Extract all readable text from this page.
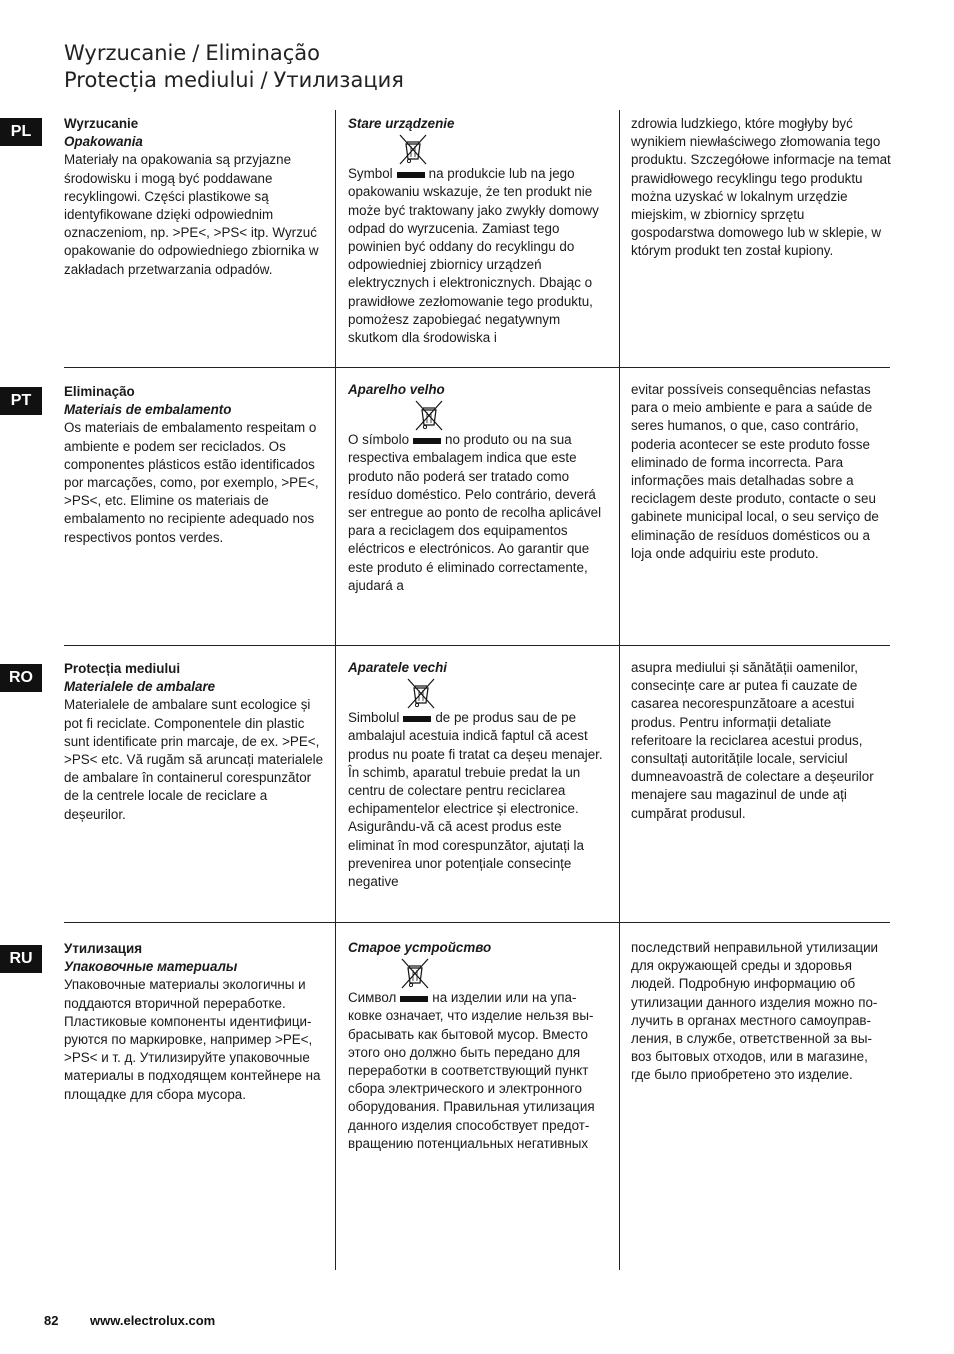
Wyrzucanie / Eliminação
Protecția mediului / Утилизация
PL	Wyrzucanie
Opakowania

Materiały na opakowania są przyjazne środowisku i mogą być poddawane recyklingowi. Części plastikowe są identyfikowane dzięki odpowiednim oznaczeniom, np. >PE<, >PS< itp. Wyrzuć opakowanie do odpowiedniego zbiornika w zakładach przetwarzania odpadów.

Stare urządzenie

Symbol	na produkcie lub na jego opakowaniu wskazuje, że ten produkt nie może być traktowany jako zwykły domowy odpad do wyrzucenia. Zamiast tego powinien być oddany do recyklingu do odpowiedniej zbiornicy urządzeń elektrycznych i elektronicznych. Dbając o prawidłowe zezłomowanie tego produktu, pomożesz zapobiegać negatywnym skutkom dla środowiska i

zdrowia ludzkiego, które mogłyby być wynikiem niewłaściwego złomowania tego produktu. Szczegółowe informacje na temat prawidłowego recyklingu tego produktu można uzyskać w lokalnym urzędzie miejskim, w zbiornicy sprzętu gospodarstwa domowego lub w sklepie, w którym produkt ten został kupiony.

PT
Eliminação
Materiais de embalamento

Os materiais de embalamento respeitam o ambiente e podem ser reciclados. Os componentes plásticos estão identificados por marcações, como, por exemplo, >PE<, >PS<, etc. Elimine os materiais de embalamento no recipiente adequado nos respectivos pontos verdes.

Aparelho velho

O símbolo	no produto ou na sua respectiva embalagem indica que este produto não poderá ser tratado como resíduo doméstico. Pelo contrário, deverá ser entregue ao ponto de recolha aplicável para a reciclagem dos equipamentos eléctricos e electrónicos. Ao garantir que este produto é eliminado correctamente, ajudará a

evitar possíveis consequências nefastas para o meio ambiente e para a saúde de seres humanos, o que, caso contrário, poderia acontecer se este produto fosse eliminado de forma incorrecta. Para informações mais detalhadas sobre a reciclagem deste produto, contacte o seu gabinete municipal local, o seu serviço de eliminação de resíduos domésticos ou a loja onde adquiriu este produto.

RO
Protecția mediului
Materialele de ambalare

Materialele de ambalare sunt ecologice și pot fi reciclate. Componentele din plastic sunt identificate prin marcaje, de ex. >PE<, >PS< etc. Vă rugăm să aruncați materialele de ambalare în containerul corespunzător de la centrele locale de reciclare a deșeurilor.

Aparatele vechi

Simbolul	de pe produs sau de pe ambalajul acestuia indică faptul că acest produs nu poate fi tratat ca deșeu menajer. În schimb, aparatul trebuie predat la un centru de colectare pentru reciclarea echipamentelor electrice și electronice. Asigurându-vă că acest produs este eliminat în mod corespunzător, ajutați la prevenirea unor potențiale consecințe negative

asupra mediului și sănătății oamenilor, consecințe care ar putea fi cauzate de casarea necorespunzătoare a acestui produs. Pentru informații detaliate referitoare la reciclarea acestui produs, consultați autoritățile locale, serviciul dumneavoastră de colectare a deșeurilor menajere sau magazinul de unde ați cumpărat produsul.

RU
Утилизация
Упаковочные материалы

Упаковочные материалы экологичны и поддаются вторичной переработке. Пластиковые компоненты идентифици-руются по маркировке, например >PE<, >PS< и т. д. Утилизируйте упаковочные материалы в подходящем контейнере на площадке для сбора мусора.

Старое устройство

Символ	на изделии или на упа-ковке означает, что изделие нельзя вы-брасывать как бытовой мусор. Вместо этого оно должно быть передано для переработки в соответствующий пункт сбора электрического и электронного оборудования. Правильная утилизация данного изделия способствует предот-вращению потенциальных негативных

последствий неправильной утилизации для окружающей среды и здоровья людей. Подробную информацию об утилизации данного изделия можно по-лучить в органах местного самоуправ-ления, в службе, ответственной за вы-воз бытовых отходов, или в магазине, где было приобретено это изделие.

82 www.electrolux.com
